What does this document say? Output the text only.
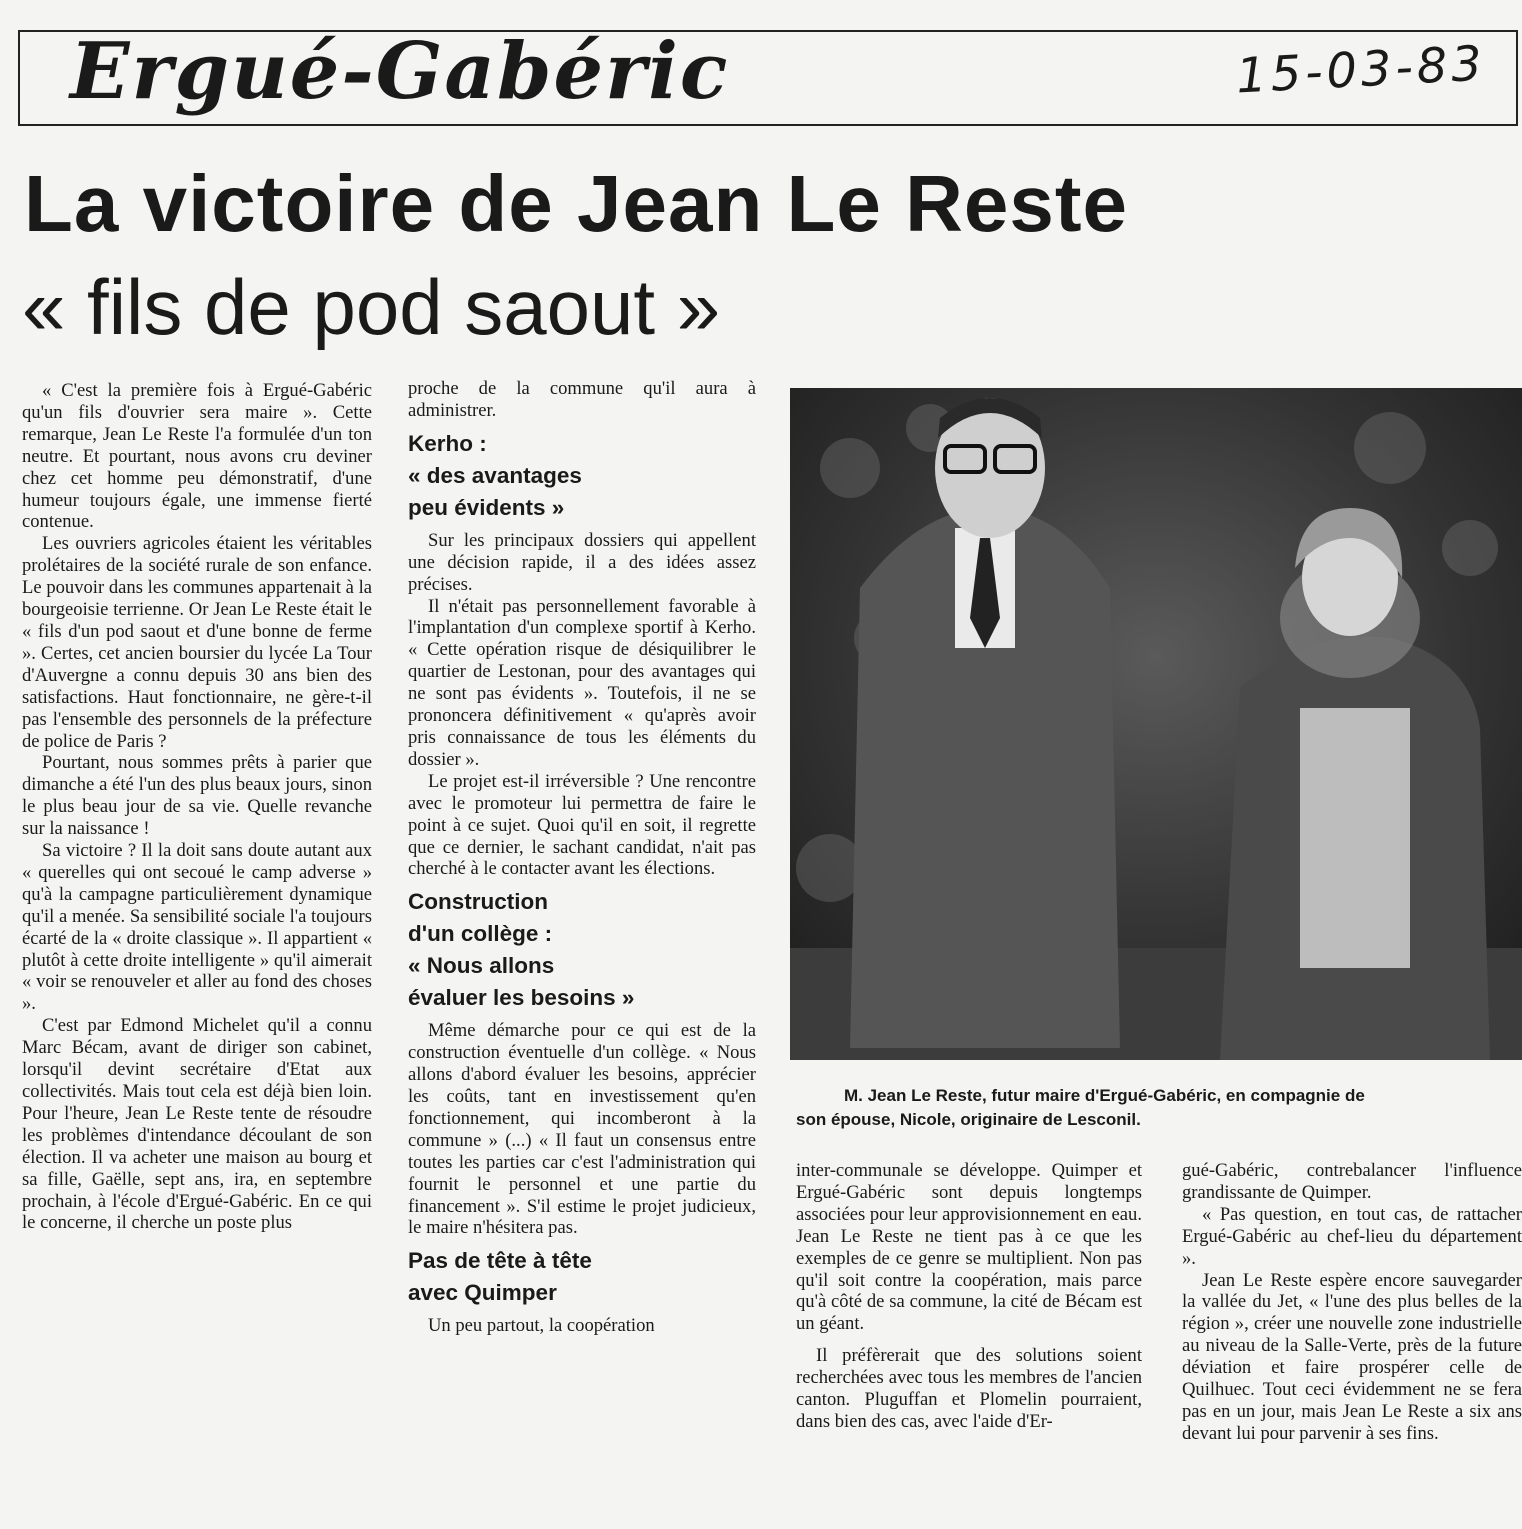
Ergué-Gabéric	15-03-83
La victoire de Jean Le Reste
« fils de pod saout »

« C'est la première fois à Ergué-Gabéric qu'un fils d'ouvrier sera maire ». Cette remarque, Jean Le Reste l'a formulée d'un ton neutre. Et pourtant, nous avons cru deviner chez cet homme peu démonstratif, d'une humeur toujours égale, une immense fierté contenue.

Les ouvriers agricoles étaient les véritables prolétaires de la société rurale de son enfance. Le pouvoir dans les communes appartenait à la bourgeoisie terrienne. Or Jean Le Reste était le « fils d'un pod saout et d'une bonne de ferme ». Certes, cet ancien boursier du lycée La Tour d'Auvergne a connu depuis 30 ans bien des satisfactions. Haut fonctionnaire, ne gère-t-il pas l'ensemble des personnels de la préfecture de police de Paris ?

Pourtant, nous sommes prêts à parier que dimanche a été l'un des plus beaux jours, sinon le plus beau jour de sa vie. Quelle revanche sur la naissance !

Sa victoire ? Il la doit sans doute autant aux « querelles qui ont secoué le camp adverse » qu'à la campagne particulièrement dynamique qu'il a menée. Sa sensibilité sociale l'a toujours écarté de la « droite classique ». Il appartient « plutôt à cette droite intelligente » qu'il aimerait « voir se renouveler et aller au fond des choses ».

C'est par Edmond Michelet qu'il a connu Marc Bécam, avant de diriger son cabinet, lorsqu'il devint secrétaire d'Etat aux collectivités. Mais tout cela est déjà bien loin. Pour l'heure, Jean Le Reste tente de résoudre les problèmes d'intendance découlant de son élection. Il va acheter une maison au bourg et sa fille, Gaëlle, sept ans, ira, en septembre prochain, à l'école d'Ergué-Gabéric. En ce qui le concerne, il cherche un poste plus

proche de la commune qu'il aura à administrer.

Kerho :
« des avantages
peu évidents »

Sur les principaux dossiers qui appellent une décision rapide, il a des idées assez précises.

Il n'était pas personnellement favorable à l'implantation d'un complexe sportif à Kerho. « Cette opération risque de désiquilibrer le quartier de Lestonan, pour des avantages qui ne sont pas évidents ». Toutefois, il ne se prononcera définitivement « qu'après avoir pris connaissance de tous les éléments du dossier ».

Le projet est-il irréversible ? Une rencontre avec le promoteur lui permettra de faire le point à ce sujet. Quoi qu'il en soit, il regrette que ce dernier, le sachant candidat, n'ait pas cherché à le contacter avant les élections.

Construction
d'un collège :
« Nous allons
évaluer les besoins »

Même démarche pour ce qui est de la construction éventuelle d'un collège. « Nous allons d'abord évaluer les besoins, apprécier les coûts, tant en investissement qu'en fonctionnement, qui incomberont à la commune » (...) « Il faut un consensus entre toutes les parties car c'est l'administration qui fournit le personnel et une partie du financement ». S'il estime le projet judicieux, le maire n'hésitera pas.

Pas de tête à tête
avec Quimper

Un peu partout, la coopération

M. Jean Le Reste, futur maire d'Ergué-Gabéric, en compagnie de
son épouse, Nicole, originaire de Lesconil.

inter-communale se développe. Quimper et Ergué-Gabéric sont depuis longtemps associées pour leur approvisionnement en eau. Jean Le Reste ne tient pas à ce que les exemples de ce genre se multiplient. Non pas qu'il soit contre la coopération, mais parce qu'à côté de sa commune, la cité de Bécam est un géant.

Il préfèrerait que des solutions soient recherchées avec tous les membres de l'ancien canton. Pluguffan et Plomelin pourraient, dans bien des cas, avec l'aide d'Er-

gué-Gabéric, contrebalancer l'influence grandissante de Quimper.

« Pas question, en tout cas, de rattacher Ergué-Gabéric au chef-lieu du département ».

Jean Le Reste espère encore sauvegarder la vallée du Jet, « l'une des plus belles de la région », créer une nouvelle zone industrielle au niveau de la Salle-Verte, près de la future déviation et faire prospérer celle de Quilhuec. Tout ceci évidemment ne se fera pas en un jour, mais Jean Le Reste a six ans devant lui pour parvenir à ses fins.
